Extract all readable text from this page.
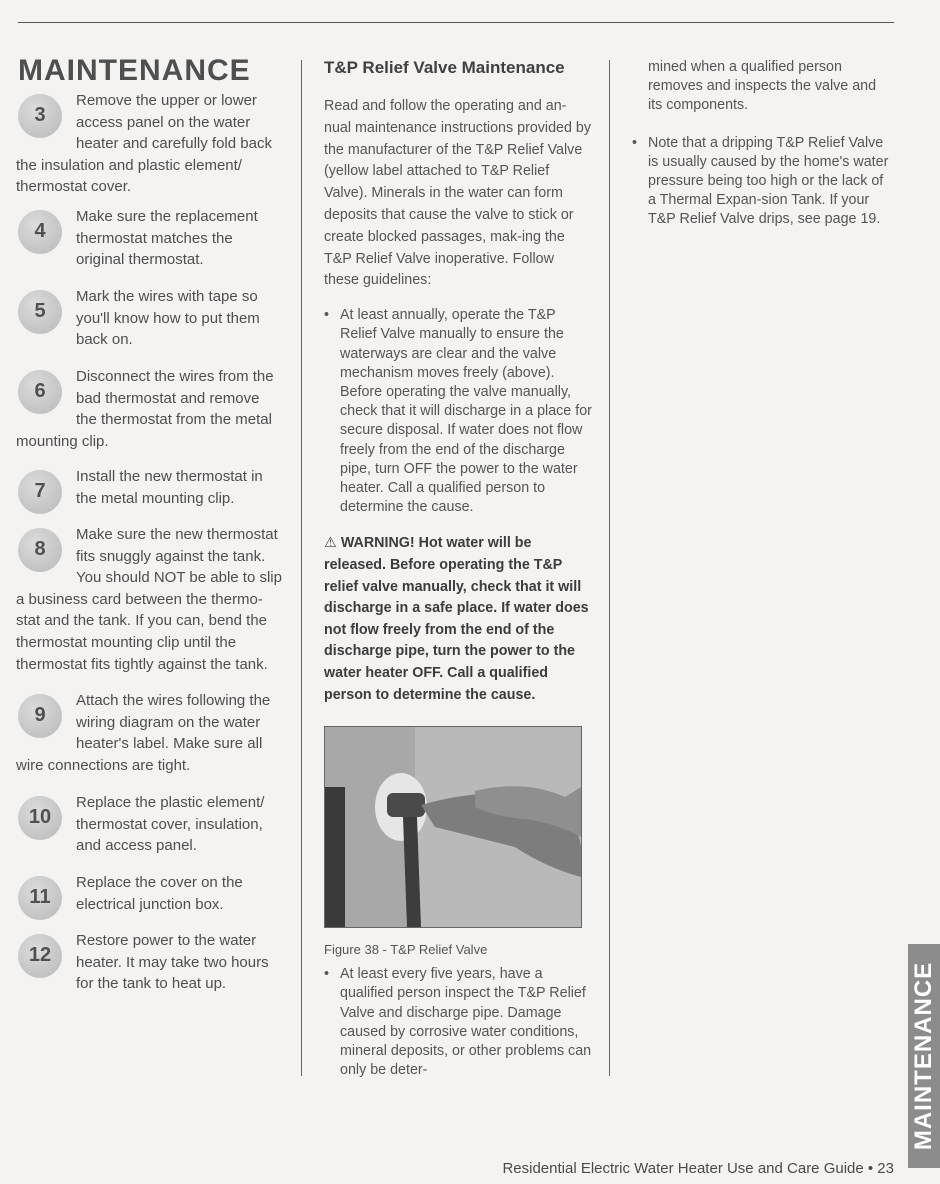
MAINTENANCE
3

Remove the upper or lower access panel on the water heater and carefully fold back the insulation and plastic element/ thermostat cover.

4

Make sure the replacement thermostat matches the original thermostat.

5

Mark the wires with tape so you'll know how to put them back on.

6

Disconnect the wires from the bad thermostat and remove the thermostat from the metal mounting clip.

7

Install the new thermostat in the metal mounting clip.

8

Make sure the new thermostat fits snuggly against the tank. You should NOT be able to slip a business card between the thermo-stat and the tank. If you can, bend the thermostat mounting clip until the thermostat fits tightly against the tank.

9

Attach the wires following the wiring diagram on the water heater's label. Make sure all wire connections are tight.

10

Replace the plastic element/ thermostat cover, insulation, and access panel.

11

Replace the cover on the electrical junction box.

12

Restore power to the water heater. It may take two hours for the tank to heat up.

T&P Relief Valve Maintenance

Read and follow the operating and an-nual maintenance instructions provided by the manufacturer of the T&P Relief Valve (yellow label attached to T&P Relief Valve). Minerals in the water can form deposits that cause the valve to stick or create blocked passages, mak-ing the T&P Relief Valve inoperative. Follow these guidelines:

• At least annually, operate the T&P Relief Valve manually to ensure the waterways are clear and the valve mechanism moves freely (above). Before operating the valve manually, check that it will discharge in a place for secure disposal. If water does not flow freely from the end of the discharge pipe, turn OFF the power to the water heater. Call a qualified person to determine the cause.

⚠ WARNING! Hot water will be released. Before operating the T&P relief valve manually, check that it will discharge in a safe place. If water does not flow freely from the end of the discharge pipe, turn the power to the water heater OFF. Call a qualified person to determine the cause.

Figure 38 - T&P Relief Valve

• At least every five years, have a qualified person inspect the T&P Relief Valve and discharge pipe. Damage caused by corrosive water conditions, mineral deposits, or other problems can only be deter-

mined when a qualified person removes and inspects the valve and its components.

• Note that a dripping T&P Relief Valve is usually caused by the home's water pressure being too high or the lack of a Thermal Expan-sion Tank. If your T&P Relief Valve drips, see page 19.

MAINTENANCE
Residential Electric Water Heater Use and Care Guide • 23
